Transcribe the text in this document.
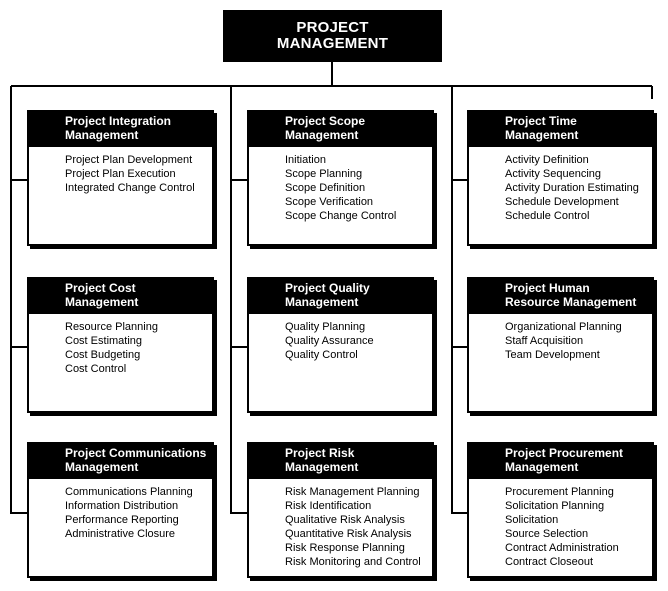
PROJECT
MANAGEMENT
Project Integration
Management
Project Plan Development
Project Plan Execution
Integrated Change Control
Project Scope
Management
Initiation
Scope Planning
Scope Definition
Scope Verification
Scope Change Control
Project Time
Management
Activity Definition
Activity Sequencing
Activity Duration Estimating
Schedule Development
Schedule Control
Project Cost
Management
Resource Planning
Cost Estimating
Cost Budgeting
Cost Control
Project Quality
Management
Quality Planning
Quality Assurance
Quality Control
Project Human
Resource Management
Organizational Planning
Staff Acquisition
Team Development
Project Communications
Management
Communications Planning
Information Distribution
Performance Reporting
Administrative Closure
Project Risk
Management
Risk Management Planning
Risk Identification
Qualitative Risk Analysis
Quantitative Risk Analysis
Risk Response Planning
Risk Monitoring and Control
Project Procurement
Management
Procurement Planning
Solicitation Planning
Solicitation
Source Selection
Contract Administration
Contract Closeout
